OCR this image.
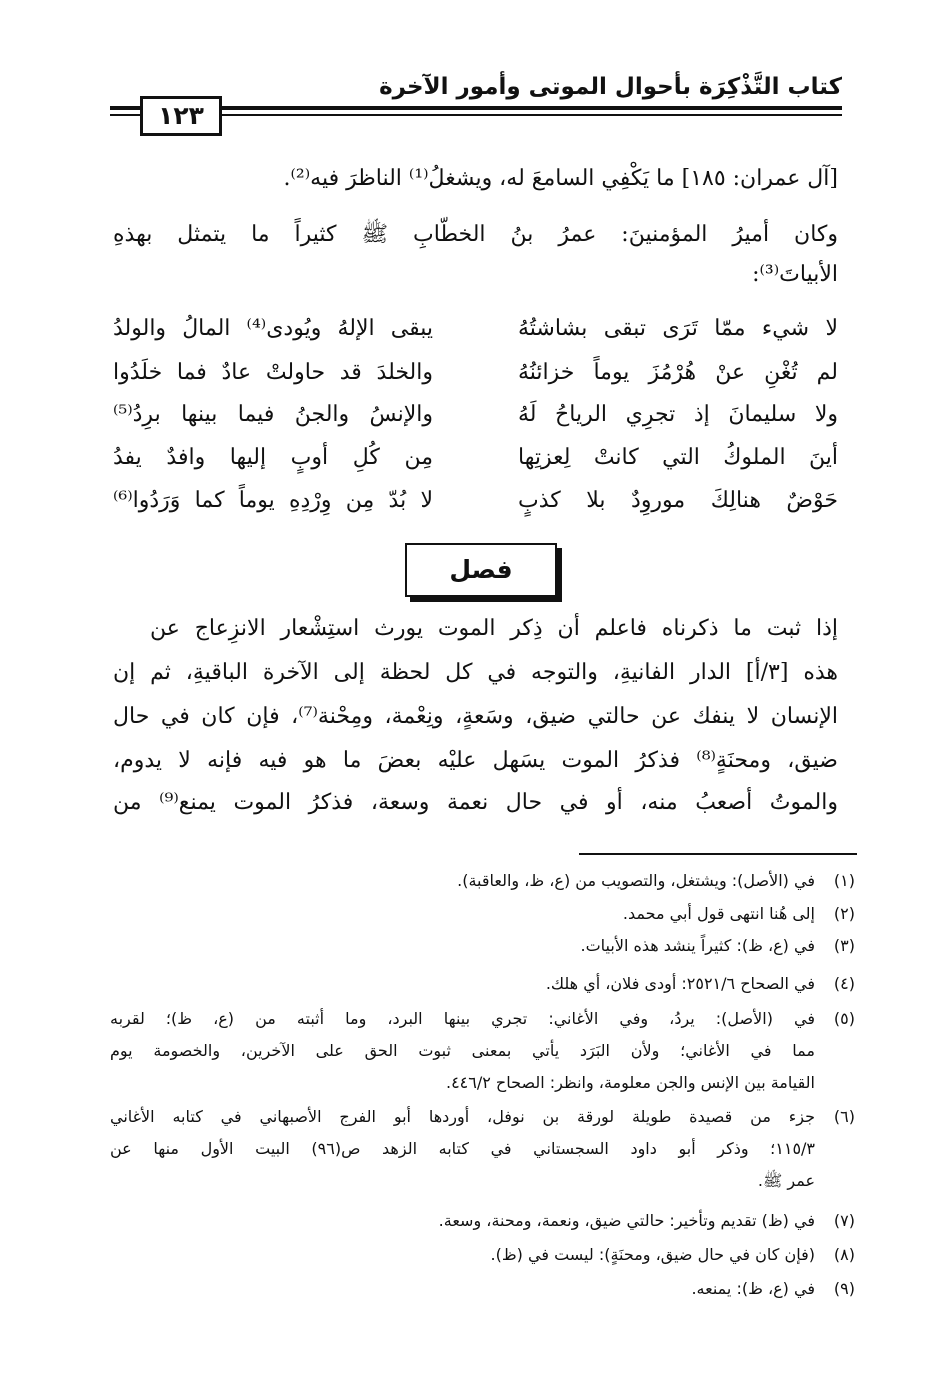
كتاب التَّذْكِرَة بأحوال الموتى وأمور الآخرة
١٢٣
[آل عمران: ١٨٥] ما يَكْفِي السامعَ له، ويشغلُ⁽¹⁾ الناظرَ فيه⁽²⁾.
وكان أميرُ المؤمنينَ: عمرُ بنُ الخطّابِ ﷺ كثيراً ما يتمثل بهذهِ
الأبياتَ⁽³⁾:
لا شيء ممّا تَرَى تبقى بشاشتُهُ
يبقى الإلهُ ويُودى⁽⁴⁾ المالُ والولدُ
لم تُغْنِ عنْ هُرْمُزَ يوماً خزائنُهُ
والخلدَ قد حاولتْ عادٌ فما خلَدُوا
ولا سليمانَ إذ تجرِي الرياحُ لَهُ
والإنسُ والجنُ فيما بينها برِدُ⁽⁵⁾
أينَ الملوكُ التي كانتْ لِعزتِها
مِن كُلِ أوبٍ إليها وافدٌ يفدُ
حَوْضٌ هنالِكَ موروِدٌ بلا كذبٍ
لا بُدّ مِن وِرْدِهِ يوماً كما وَرَدُوا⁽⁶⁾
فصل
إذا ثبت ما ذكرناه فاعلم أن ذِكر الموت يورث استِشْعار الانزِعاج عن
هذه [٣/أ] الدار الفانيةِ، والتوجه في كل لحظة إلى الآخرة الباقيةِ، ثم إن
الإنسان لا ينفك عن حالتي ضيق، وسَعةٍ، ونِعْمة، ومِحْنة⁽⁷⁾، فإن كان في حال
ضيق، ومحنَةٍ⁽⁸⁾ فذكرُ الموت يسَهل عليْه بعضَ ما هو فيه فإنه لا يدوم،
والموتُ أصعبُ منه، أو في حال نعمة وسعة، فذكرُ الموت يمنع⁽⁹⁾ من
(١)
في (الأصل): ويشتغل، والتصويب من (ع، ظ، والعاقبة).
(٢)
إلى هُنا انتهى قول أبي محمد.
(٣)
في (ع، ظ): كثيراً ينشد هذه الأبيات.
(٤)
في الصحاح ٢٥٢١/٦: أودى فلان، أي هلك.
(٥)
في (الأصل): يردُ، وفي الأغاني: تجري بينها البرد، وما أثبته من (ع، ظ)؛ لقربه
مما في الأغاني؛ ولأن البَرَد يأتي بمعنى ثبوت الحق على الآخرين، والخصومة يوم
القيامة بين الإنس والجن معلومة، وانظر: الصحاح ٤٤٦/٢.
(٦)
جزء من قصيدة طويلة لورقة بن نوفل، أوردها أبو الفرج الأصبهاني في كتابه الأغاني
١١٥/٣؛ وذكر أبو داود السجستاني في كتابه الزهد ص(٩٦) البيت الأول منها عن
عمر ﷺ.
(٧)
في (ظ) تقديم وتأخير: حالتي ضيق، ونعمة، ومحنة، وسعة.
(٨)
(فإن كان في حال ضيق، ومحنَةٍ): ليست في (ظ).
(٩)
في (ع، ظ): يمنعه.
